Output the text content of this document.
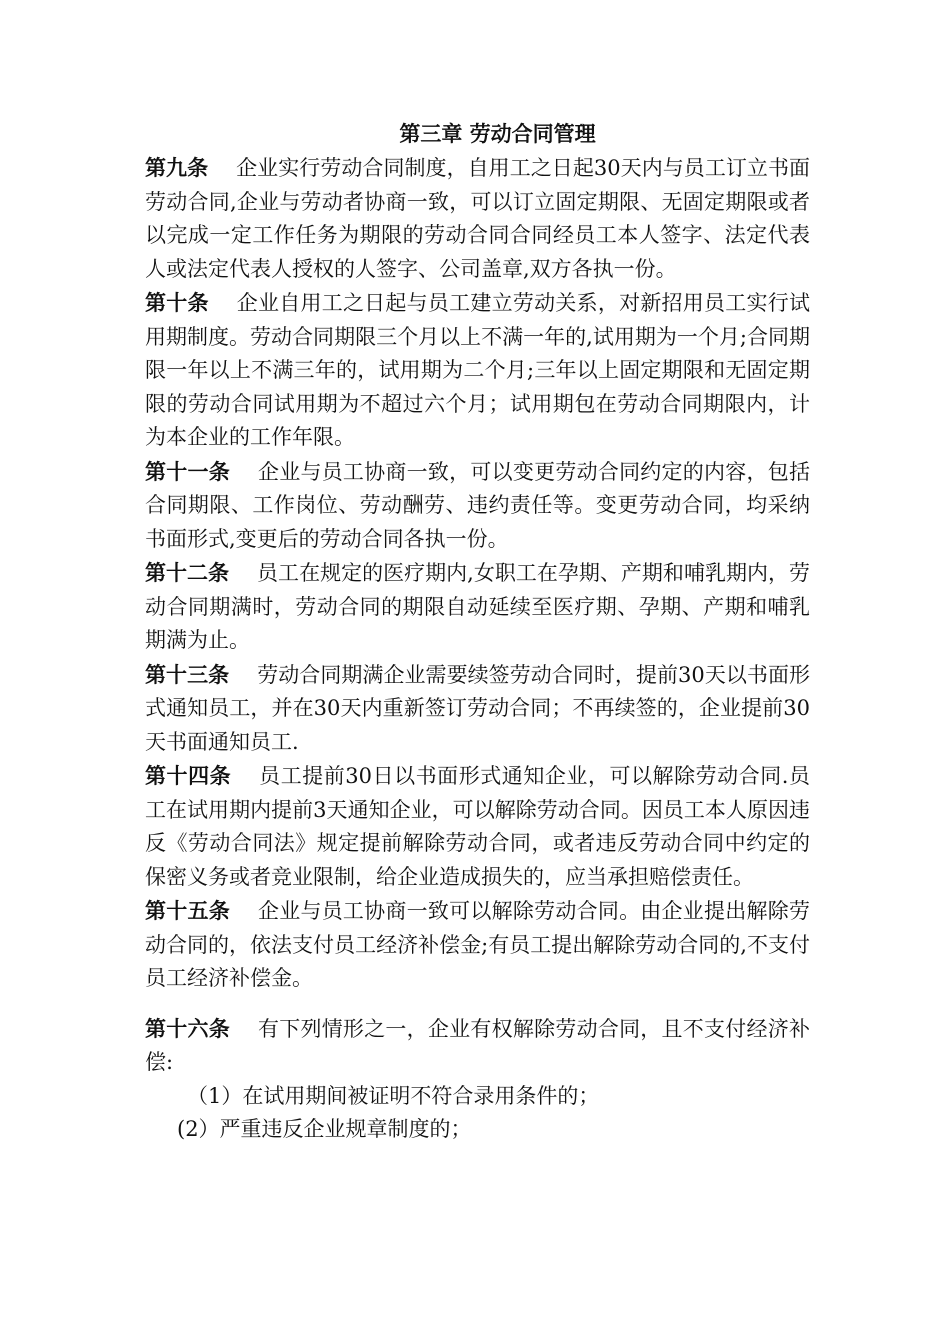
第三章 劳动合同管理

第九条 企业实行劳动合同制度，自用工之日起30天内与员工订立书面劳动合同,企业与劳动者协商一致，可以订立固定期限、无固定期限或者以完成一定工作任务为期限的劳动合同合同经员工本人签字、法定代表人或法定代表人授权的人签字、公司盖章,双方各执一份。

第十条 企业自用工之日起与员工建立劳动关系，对新招用员工实行试用期制度。劳动合同期限三个月以上不满一年的,试用期为一个月;合同期限一年以上不满三年的，试用期为二个月;三年以上固定期限和无固定期限的劳动合同试用期为不超过六个月；试用期包在劳动合同期限内，计为本企业的工作年限。

第十一条 企业与员工协商一致，可以变更劳动合同约定的内容，包括合同期限、工作岗位、劳动酬劳、违约责任等。变更劳动合同，均采纳书面形式,变更后的劳动合同各执一份。

第十二条 员工在规定的医疗期内,女职工在孕期、产期和哺乳期内，劳动合同期满时，劳动合同的期限自动延续至医疗期、孕期、产期和哺乳期满为止。

第十三条 劳动合同期满企业需要续签劳动合同时，提前30天以书面形式通知员工，并在30天内重新签订劳动合同；不再续签的，企业提前30天书面通知员工.

第十四条 员工提前30日以书面形式通知企业，可以解除劳动合同.员工在试用期内提前3天通知企业，可以解除劳动合同。因员工本人原因违反《劳动合同法》规定提前解除劳动合同，或者违反劳动合同中约定的保密义务或者竞业限制，给企业造成损失的，应当承担赔偿责任。

第十五条 企业与员工协商一致可以解除劳动合同。由企业提出解除劳动合同的，依法支付员工经济补偿金;有员工提出解除劳动合同的,不支付员工经济补偿金。

第十六条 有下列情形之一，企业有权解除劳动合同，且不支付经济补偿:

（1）在试用期间被证明不符合录用条件的；

(2）严重违反企业规章制度的；
